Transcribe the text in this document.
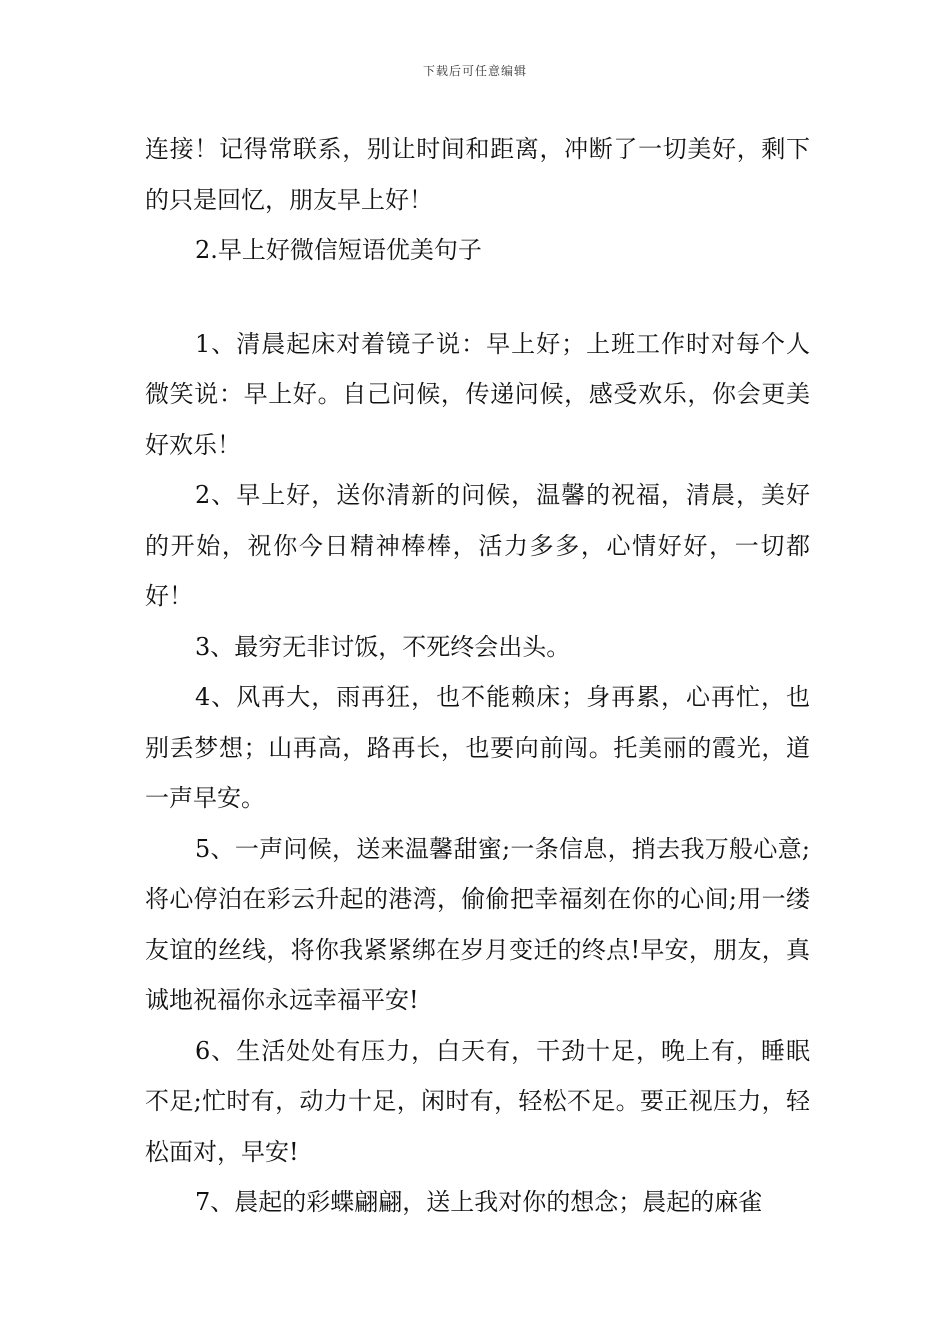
下载后可任意编辑

连接！记得常联系，别让时间和距离，冲断了一切美好，剩下的只是回忆，朋友早上好！

2.早上好微信短语优美句子

1、清晨起床对着镜子说：早上好；上班工作时对每个人微笑说：早上好。自己问候，传递问候，感受欢乐，你会更美好欢乐！

2、早上好，送你清新的问候，温馨的祝福，清晨，美好的开始，祝你今日精神棒棒，活力多多，心情好好，一切都好！

3、最穷无非讨饭，不死终会出头。

4、风再大，雨再狂，也不能赖床；身再累，心再忙，也别丢梦想；山再高，路再长，也要向前闯。托美丽的霞光，道一声早安。

5、一声问候，送来温馨甜蜜;一条信息，捎去我万般心意;将心停泊在彩云升起的港湾，偷偷把幸福刻在你的心间;用一缕友谊的丝线，将你我紧紧绑在岁月变迁的终点!早安，朋友，真诚地祝福你永远幸福平安!

6、生活处处有压力，白天有，干劲十足，晚上有，睡眠不足;忙时有，动力十足，闲时有，轻松不足。要正视压力，轻松面对，早安!

7、晨起的彩蝶翩翩，送上我对你的想念；晨起的麻雀
